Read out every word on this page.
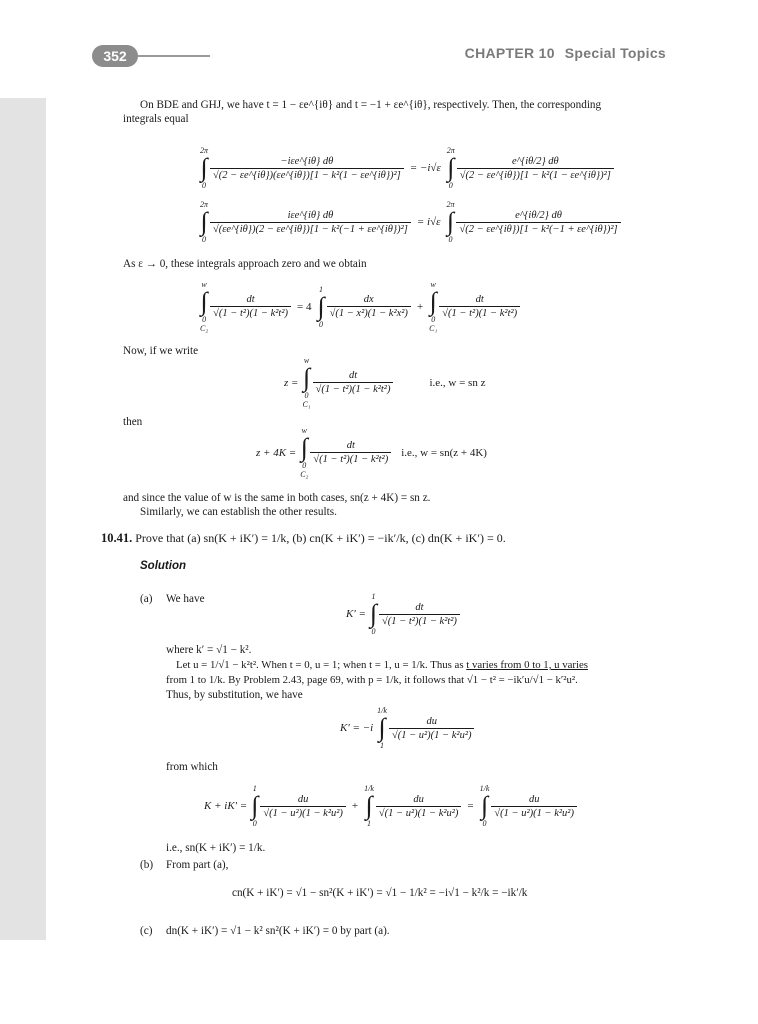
352	CHAPTER 10 Special Topics
On BDE and GHJ, we have t = 1 − εe^{iθ} and t = −1 + εe^{iθ}, respectively. Then, the corresponding
integrals equal
2π
∫
0
$\frac{\text{−iεe\textasciicircum{}\{iθ\} dθ}}{\text{√(2 − εe\textasciicircum{}\{iθ\})(εe\textasciicircum{}\{iθ\})[1 − k²(1 − εe\textasciicircum{}\{iθ\})²]}} = -i√\varepsilon$
2π
∫
0
$\frac{e\^{}\{i\theta/2\} d\theta}{\text{√(2 − εe\textasciicircum{}\{iθ\})[1 − k²(1 − εe\textasciicircum{}\{iθ\})²]}}$
2π
∫
0
$\frac{\text{iεe\textasciicircum{}\{iθ\} dθ}}{\text{√(εe\textasciicircum{}\{iθ\})(2 − εe\textasciicircum{}\{iθ\})[1 − k²(−1 + εe\textasciicircum{}\{iθ\})²]}} = i√\varepsilon$
2π
∫
0
$\frac{e\^{}\{i\theta/2\} d\theta}{\text{√(2 − εe\textasciicircum{}\{iθ\})[1 − k²(−1 + εe\textasciicircum{}\{iθ\})²]}}$
As ε → 0, these integrals approach zero and we obtain
w
∫
0
C₂
$\frac{dt}{\text{√(1 − t²)(1 − k²t²)}} = 4$
1
∫
0
$\frac{dx}{\text{√(1 − x²)(1 − k²x²)}}$ +
w
∫
0
C₁
$\frac{dt}{\text{√(1 − t²)(1 − k²t²)}}$
Now, if we write
z =
w
∫
0
C₁
$\frac{dt}{\text{√(1 − t²)(1 − k²t²)}}$	i.e., w = sn z
then
z + 4K =
w
∫
0
C₂
$\frac{dt}{\text{√(1 − t²)(1 − k²t²)}} i.e$., w = sn(z + 4K)
and since the value of w is the same in both cases, sn(z + 4K) = sn z.
Similarly, we can establish the other results.
10.41. Prove that (a) sn(K + iK′) = 1/k, (b) cn(K + iK′) = −ik′/k, (c) dn(K + iK′) = 0.
Solution
(a) We have
K′ =
1
∫
0
$\frac{dt}{\text{√(1 − t²)(1 − k²t²)}}$
where k′ = √1 − k².
Let u = 1/√1 − k²t². When t = 0, u = 1; when t = 1, u = 1/k. Thus as t varies from 0 to 1, u varies
from 1 to 1/k. By Problem 2.43, page 69, with p = 1/k, it follows that √1 − t² = −ik′u/√1 − k′²u².
Thus, by substitution, we have
K′ = −i
1/k
∫
1
$\frac{du}{\text{√(1 − u²)(1 − k²u²)}}$
from which
K + iK′ =
1
∫
0
$\frac{du}{\text{√(1 − u²)(1 − k²u²)}}$ +
1/k
∫
1
$\frac{du}{\text{√(1 − u²)(1 − k²u²)}}$ =
1/k
∫
0
$\frac{du}{\text{√(1 − u²)(1 − k²u²)}}$
i.e., sn(K + iK′) = 1/k.
(b) From part (a),
cn(K + iK′) = √1 − sn²(K + iK′) = √1 − 1/k² = −i√1 − k²/k = −ik′/k
(c) dn(K + iK′) = √1 − k² sn²(K + iK′) = 0 by part (a).
